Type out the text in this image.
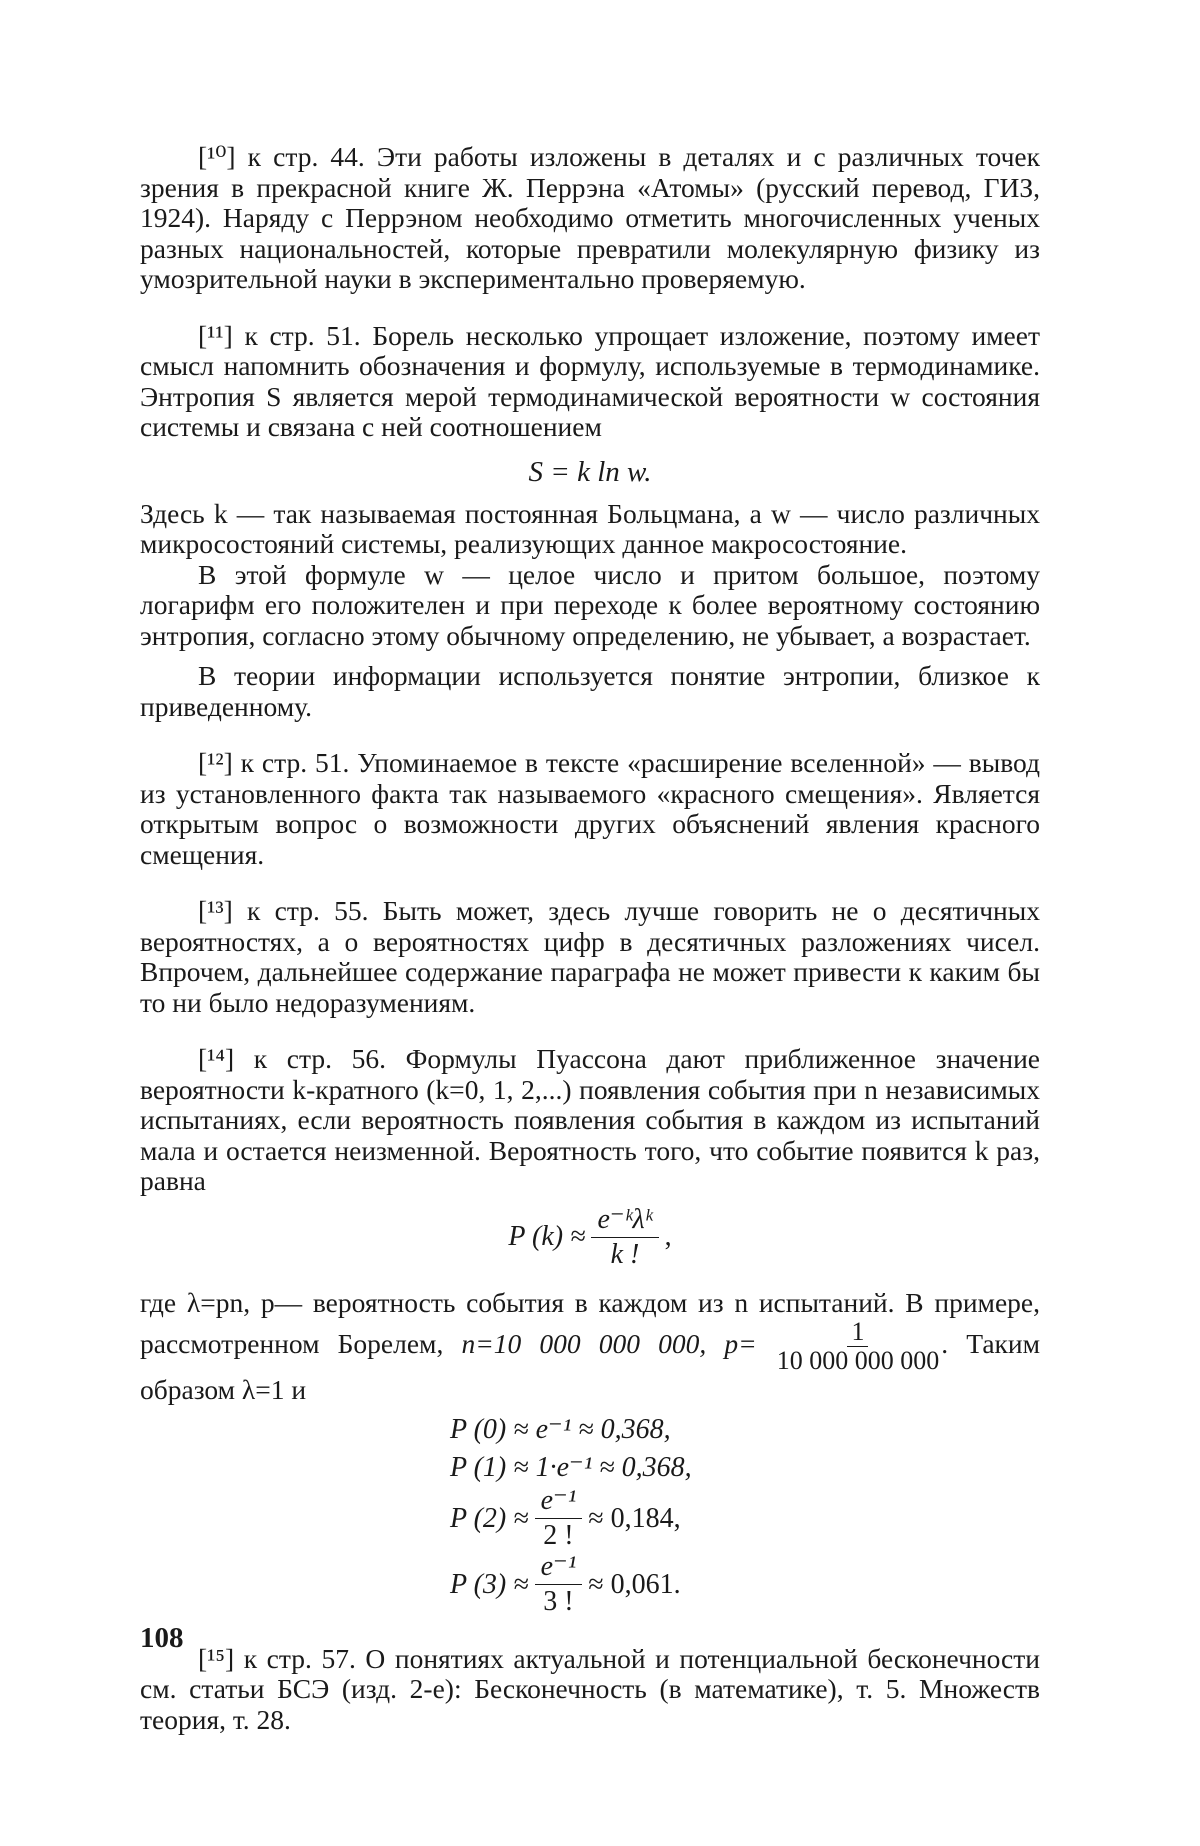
[¹⁰] к стр. 44. Эти работы изложены в деталях и с различных точек зрения в прекрасной книге Ж. Перрэна «Атомы» (русский перевод, ГИЗ, 1924). Наряду с Перрэном необходимо отметить многочисленных ученых разных национальностей, которые превратили молекулярную физику из умозрительной науки в экспериментально проверяемую.

[¹¹] к стр. 51. Борель несколько упрощает изложение, поэтому имеет смысл напомнить обозначения и формулу, используемые в термодинамике. Энтропия S является мерой термодинамической вероятности w состояния системы и связана с ней соотношением

S = k ln w.

Здесь k — так называемая постоянная Больцмана, а w — число различных микросостояний системы, реализующих данное макросостояние.

В этой формуле w — целое число и притом большое, поэтому логарифм его положителен и при переходе к более вероятному состоянию энтропия, согласно этому обычному определению, не убывает, а возрастает.

В теории информации используется понятие энтропии, близкое к приведенному.

[¹²] к стр. 51. Упоминаемое в тексте «расширение вселенной» — вывод из установленного факта так называемого «красного смещения». Является открытым вопрос о возможности других объяснений явления красного смещения.

[¹³] к стр. 55. Быть может, здесь лучше говорить не о десятичных вероятностях, а о вероятностях цифр в десятичных разложениях чисел. Впрочем, дальнейшее содержание параграфа не может привести к каким бы то ни было недоразумениям.

[¹⁴] к стр. 56. Формулы Пуассона дают приближенное значение вероятности k-кратного (k=0, 1, 2,...) появления события при n независимых испытаниях, если вероятность появления события в каждом из испытаний мала и остается неизменной. Вероятность того, что событие появится k раз, равна

P $(k) \approx \frac{\text{e⁻ᵏλᵏ}}{k !}$ ,

где λ=pn, p— вероятность события в каждом из n испытаний. В примере, рассмотренном Борелем, n=10 000 000 000, $p= \frac{1}{10 000 000 000}$ . Таким образом λ=1 и

P (0) ≈ e⁻¹ ≈ 0,368,
P (1) ≈ 1·e⁻¹ ≈ 0,368,
P $(2) \approx \frac{\text{e⁻¹}}{2 !} \approx 0,184$,
P $(3) \approx \frac{\text{e⁻¹}}{3 !} \approx 0,061$.

[¹⁵] к стр. 57. О понятиях актуальной и потенциальной бесконечности см. статьи БСЭ (изд. 2-е): Бесконечность (в математике), т. 5. Множеств теория, т. 28.

108
